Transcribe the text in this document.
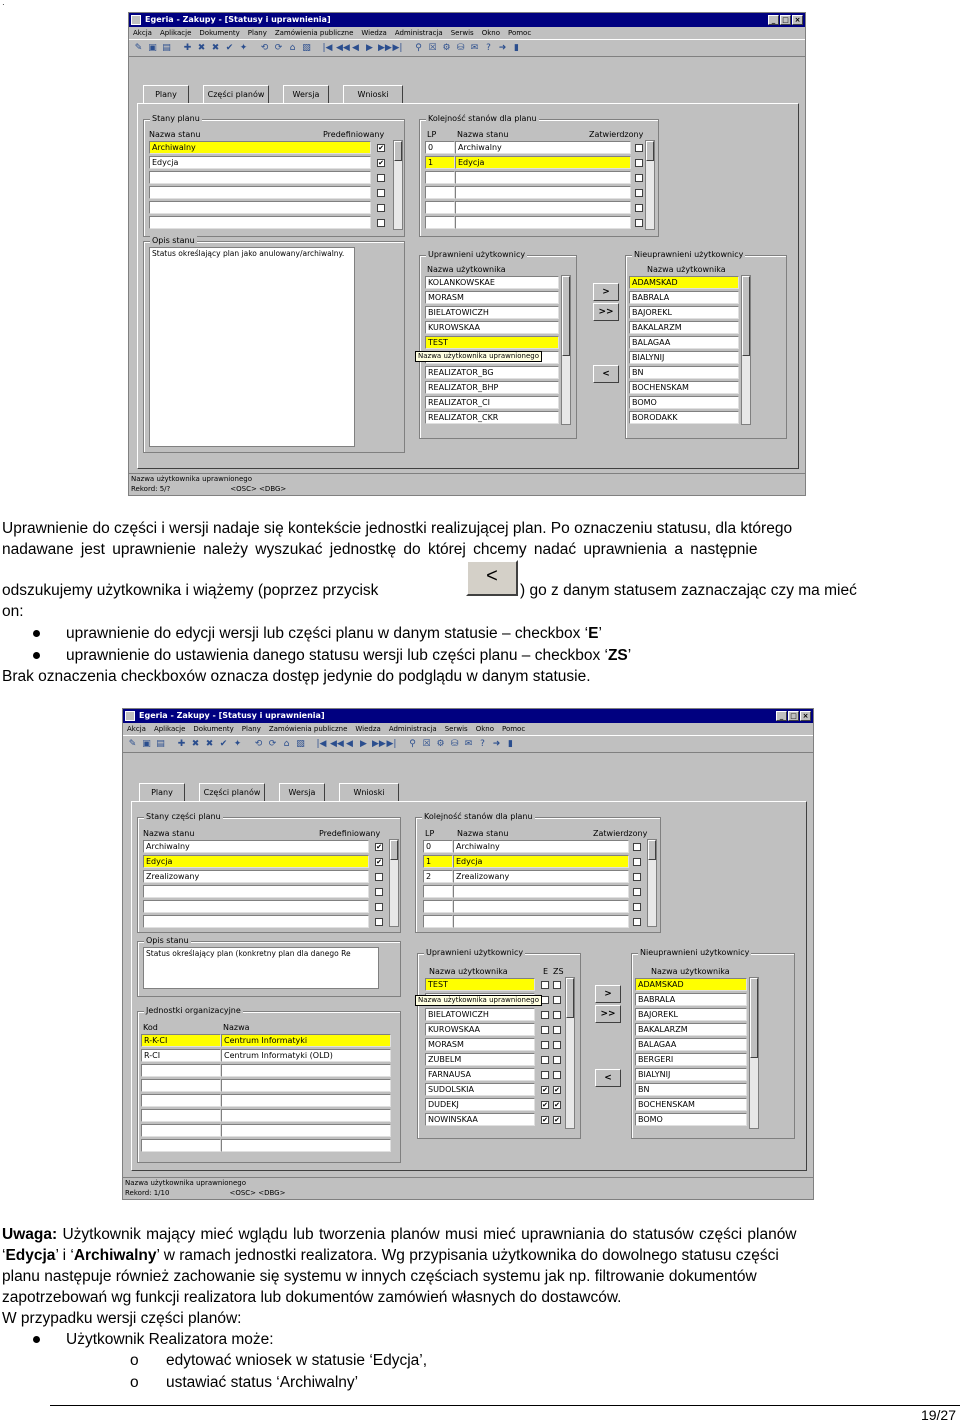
·
Egeria - Zakupy - [Statusy i uprawnienia]	_ □ ×
Akcja Aplikacje Dokumenty Plany Zamówienia publiczne Wiedza Administracja Serwis Okno Pomoc
✎ ▣ ▤ ✚ ✖ ✖ ✔ ✦ ⟲ ⟳ ⌂ ▧ |◀ ◀◀ ◀ ▶ ▶▶ ▶| ⚲ ☒ ⚙ ⛁ ✉ ? ➜ ▮
Plany	Części planów	Wersja	Wnioski
Stany planu
Nazwa stanu	Predefiniowany
Archiwalny	✔
Edycja	✔
Kolejność stanów dla planu
LP	Nazwa stanu	Zatwierdzony
0	Archiwalny
1	Edycja
Opis stanu
Status określający plan jako anulowany/archiwalny.	Uprawnieni użytkownicy
Nazwa użytkownika
KOLANKOWSKAE
MORASM
BIELATOWICZH
KUROWSKAA
TEST
REALIZATOR_BG
REALIZATOR_BHP
REALIZATOR_CI
REALIZATOR_CKR
Nazwa użytkownika uprawnionego
>
>>
<
Nieuprawnieni użytkownicy
Nazwa użytkownika
ADAMSKAD
BABRALA
BAJOREKL
BAKALARZM
BALAGAA
BIALYNIJ
BN
BOCHENSKAM
BOMO
BORODAKK
Nazwa użytkownika uprawnionego
Rekord: 5/?	<OSC> <DBG>
Uprawnienie do części i wersji nadaje się kontekście jednostki realizującej plan. Po oznaczeniu statusu, dla którego
nadawane jest uprawnienie należy wyszukać jednostkę do której chcemy nadać uprawnienia a następnie
odszukujemy użytkownika i wiążemy (poprzez przycisk
<
) go z danym statusem zaznaczając czy ma mieć
on:
uprawnienie do edycji wersji lub części planu w danym statusie – checkbox ‘E’
uprawnienie do ustawienia danego statusu wersji lub części planu – checkbox ‘ZS’
Brak oznaczenia checkboxów oznacza dostęp jedynie do podglądu w danym statusie.
Egeria - Zakupy - [Statusy i uprawnienia]	_ □ ×
Akcja Aplikacje Dokumenty Plany Zamówienia publiczne Wiedza Administracja Serwis Okno Pomoc
✎ ▣ ▤ ✚ ✖ ✖ ✔ ✦ ⟲ ⟳ ⌂ ▧ |◀ ◀◀ ◀ ▶ ▶▶ ▶| ⚲ ☒ ⚙ ⛁ ✉ ? ➜ ▮
Plany	Części planów	Wersja	Wnioski
Stany części planu
Nazwa stanu	Predefiniowany
Archiwalny	✔
Edycja	✔
Zrealizowany
Kolejność stanów dla planu
LP	Nazwa stanu	Zatwierdzony
0	Archiwalny
1	Edycja
2	Zrealizowany
Opis stanu
Status określający plan (konkretny plan dla danego Re
Jednostki organizacyjne
Kod	Nazwa
R-K-CI	Centrum Informatyki
R-CI	Centrum Informatyki (OLD)
Uprawnieni użytkownicy
Nazwa użytkownika	E ZS
TEST
BIELATOWICZH
KUROWSKAA
MORASM
ZUBELM
FARNAUSA
SUDOLSKIA	✔ ✔
DUDEKJ	✔ ✔
NOWINSKAA	✔ ✔
Nazwa użytkownika uprawnionego
>
>>
<
Nieuprawnieni użytkownicy
Nazwa użytkownika
ADAMSKAD
BABRALA
BAJOREKL
BAKALARZM
BALAGAA
BERGERI
BIALYNIJ
BN
BOCHENSKAM
BOMO
Nazwa użytkownika uprawnionego
Rekord: 1/10	<OSC> <DBG>
Uwaga: Użytkownik mający mieć wglądu lub tworzenia planów musi mieć uprawniania do statusów części planów
‘Edycja’ i ‘Archiwalny’ w ramach jednostki realizatora. Wg przypisania użytkownika do dowolnego statusu części
planu następuje również zachowanie się systemu w innych częściach systemu jak np. filtrowanie dokumentów
zapotrzebowań wg funkcji realizatora lub dokumentów zamówień własnych do dostawców.
W przypadku wersji części planów:
Użytkownik Realizatora może:
o edytować wniosek w statusie ‘Edycja’,
o ustawiać status ‘Archiwalny’
19/27
